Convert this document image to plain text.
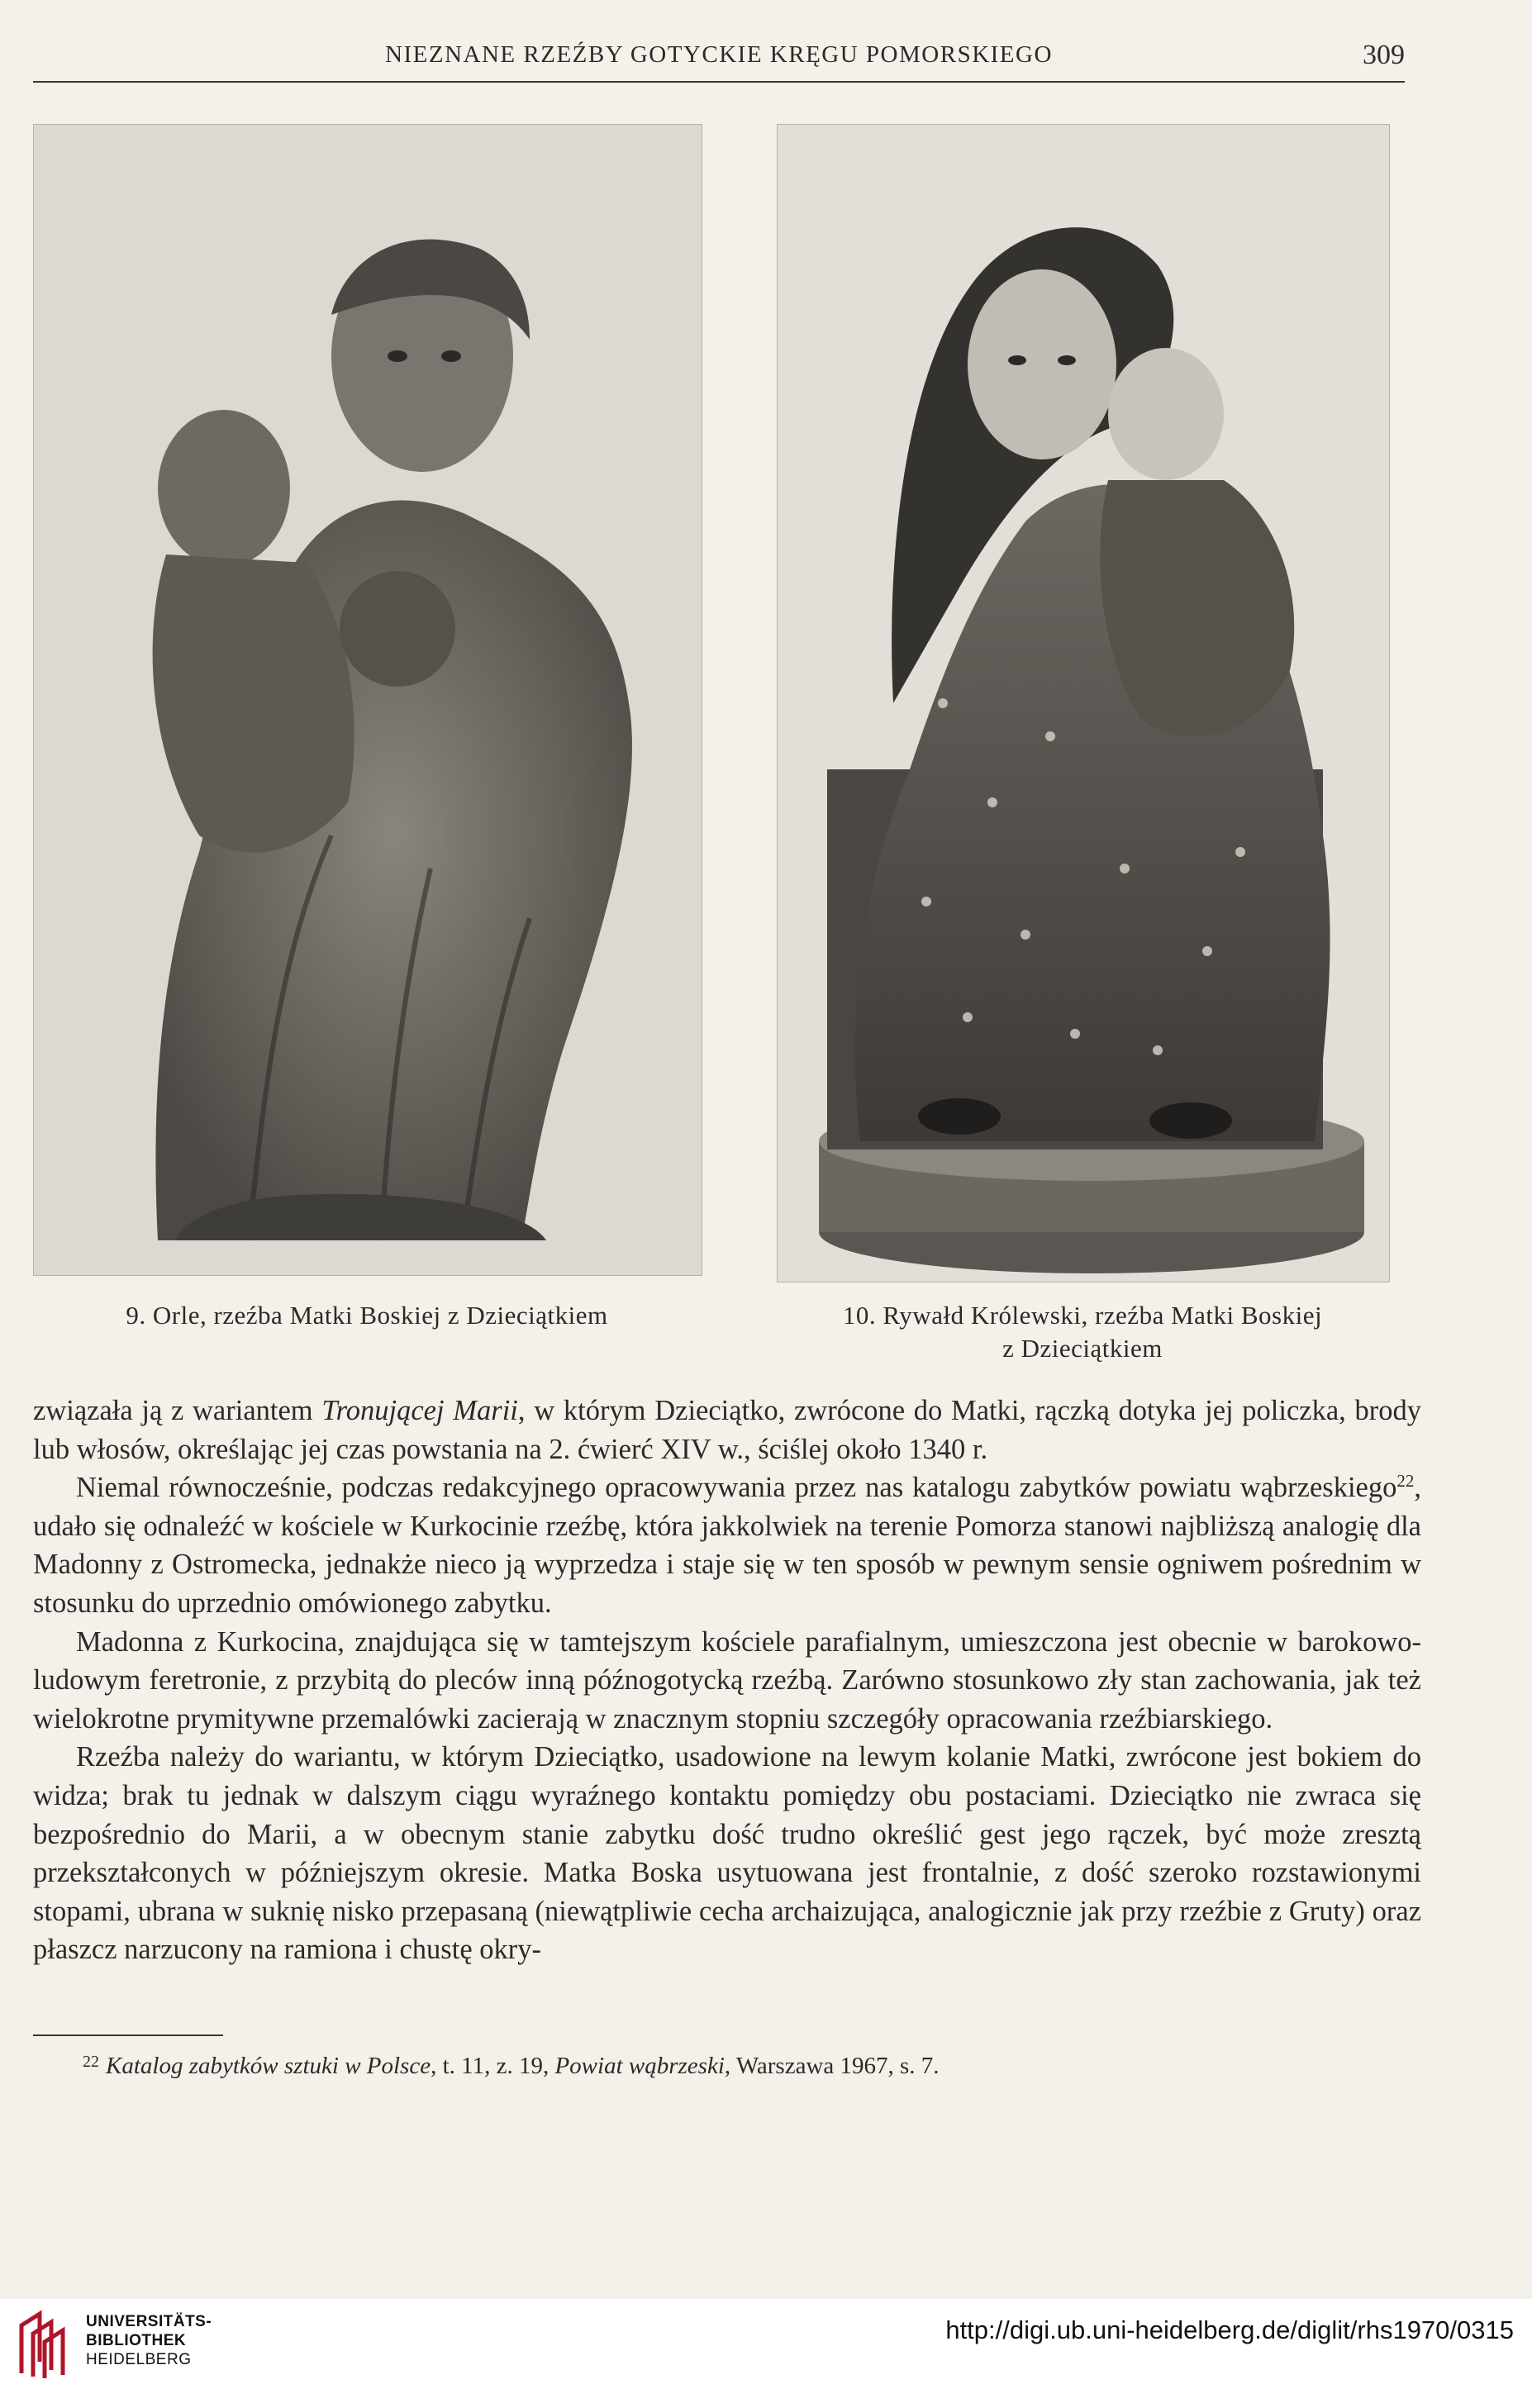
NIEZNANE RZEŹBY GOTYCKIE KRĘGU POMORSKIEGO	309
9. Orle, rzeźba Matki Boskiej z Dzieciątkiem	10. Rywałd Królewski, rzeźba Matki Boskiej
z Dzieciątkiem

związała ją z wariantem Tronującej Marii, w którym Dzieciątko, zwrócone do Matki, rączką dotyka jej policzka, brody lub włosów, określając jej czas powstania na 2. ćwierć XIV w., ściślej około 1340 r.

Niemal równocześnie, podczas redakcyjnego opracowywania przez nas katalogu zabytków powiatu wąbrzeskiego$^{22}$, udało się odnaleźć w kościele w Kurkocinie rzeźbę, która jakkolwiek na terenie Pomorza stanowi najbliższą analogię dla Madonny z Ostromecka, jednakże nieco ją wyprzedza i staje się w ten sposób w pewnym sensie ogniwem pośrednim w stosunku do uprzednio omówionego zabytku.

Madonna z Kurkocina, znajdująca się w tamtejszym kościele parafialnym, umieszczona jest obecnie w barokowo-ludowym feretronie, z przybitą do pleców inną późnogotycką rzeźbą. Zarówno stosunkowo zły stan zachowania, jak też wielokrotne prymitywne przemalówki zacierają w znacznym stopniu szczegóły opracowania rzeźbiarskiego.

Rzeźba należy do wariantu, w którym Dzieciątko, usadowione na lewym kolanie Matki, zwrócone jest bokiem do widza; brak tu jednak w dalszym ciągu wyraźnego kontaktu pomiędzy obu postaciami. Dzieciątko nie zwraca się bezpośrednio do Marii, a w obecnym stanie zabytku dość trudno określić gest jego rączek, być może zresztą przekształconych w późniejszym okresie. Matka Boska usytuowana jest frontalnie, z dość szeroko rozstawionymi stopami, ubrana w suknię nisko przepasaną (niewątpliwie cecha archaizująca, analogicznie jak przy rzeźbie z Gruty) oraz płaszcz narzucony na ramiona i chustę okry-

$^{22}$ Katalog zabytków sztuki w Polsce, t. 11, z. 19, Powiat wąbrzeski, Warszawa 1967, s. 7.
UNIVERSITÄTS-
BIBLIOTHEK
HEIDELBERG
http://digi.ub.uni-heidelberg.de/diglit/rhs1970/0315
